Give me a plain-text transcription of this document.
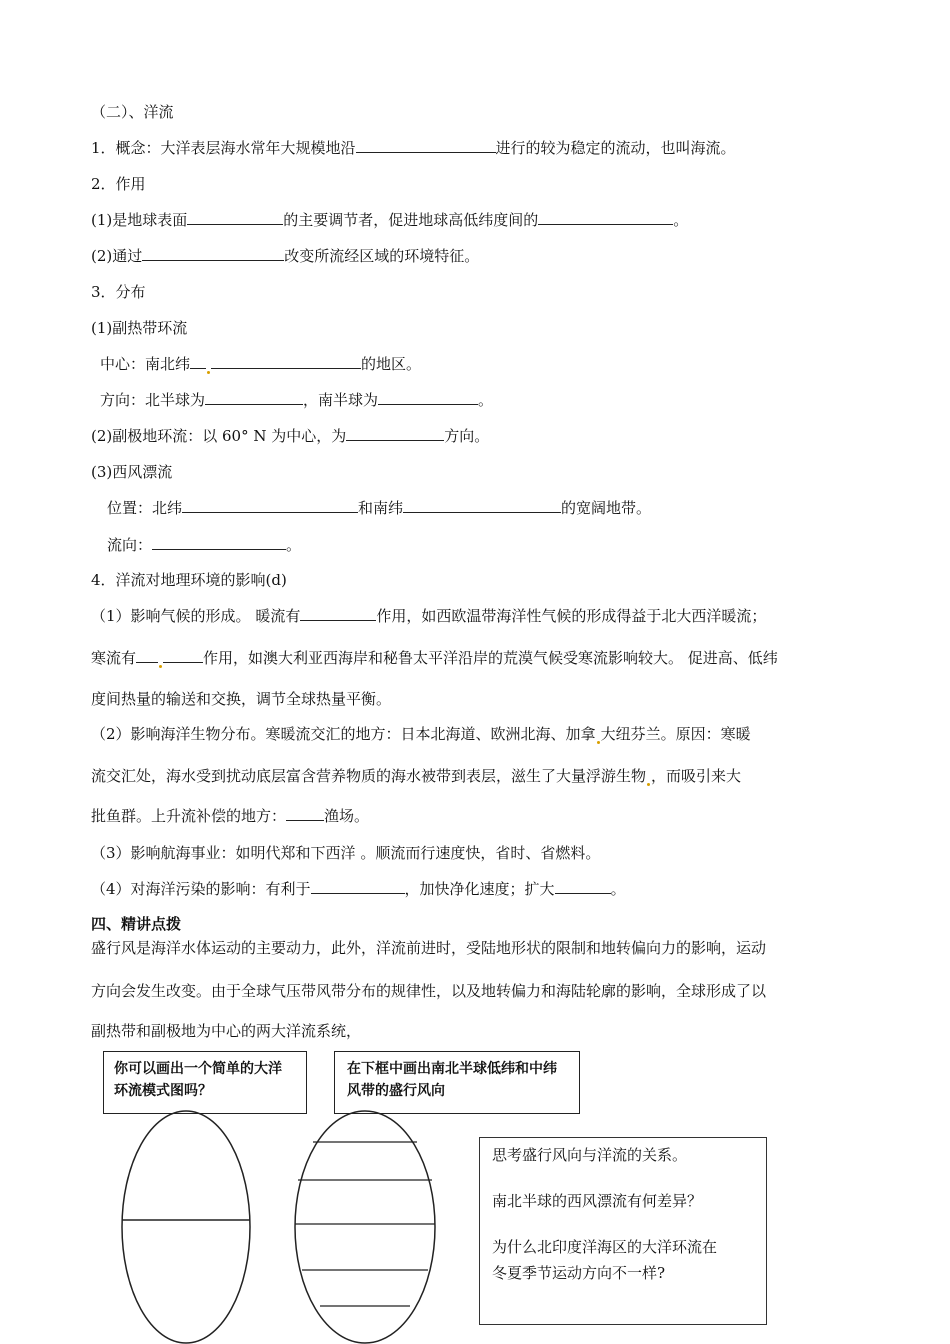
（二）、洋流
1．概念：大洋表层海水常年大规模地沿	进行的较为稳定的流动，也叫海流。
2．作用
(1)是地球表面	的主要调节者，促进地球高低纬度间的	。
(2)通过	改变所流经区域的环境特征。
3．分布
(1)副热带环流
中心：南北纬	的地区。
方向：北半球为	，南半球为	。
(2)副极地环流：以 60° N 为中心，为	方向。
(3)西风漂流
位置：北纬	和南纬	的宽阔地带。
流向：	。
4．洋流对地理环境的影响(d)
（1）影响气候的形成。 暖流有	作用，如西欧温带海洋性气候的形成得益于北大西洋暖流；
寒流有	作用，如澳大利亚西海岸和秘鲁太平洋沿岸的荒漠气候受寒流影响较大。 促进高、低纬
度间热量的输送和交换，调节全球热量平衡。
（2）影响海洋生物分布。寒暖流交汇的地方：日本北海道、欧洲北海、加拿 大纽芬兰。原因：寒暖
流交汇处，海水受到扰动底层富含营养物质的海水被带到表层，滋生了大量浮游生物 ，而吸引来大
批鱼群。上升流补偿的地方：	渔场。
（3）影响航海事业：如明代郑和下西洋 。顺流而行速度快，省时、省燃料。
（4）对海洋污染的影响：有利于	，加快净化速度；扩大	。
四、精讲点拨
盛行风是海洋水体运动的主要动力，此外，洋流前进时，受陆地形状的限制和地转偏向力的影响，运动
方向会发生改变。由于全球气压带风带分布的规律性，以及地转偏力和海陆轮廓的影响，全球形成了以
副热带和副极地为中心的两大洋流系统，
你可以画出一个简单的大洋
环流模式图吗？
在下框中画出南北半球低纬和中纬
风带的盛行风向
思考盛行风向与洋流的关系。
南北半球的西风漂流有何差异？
为什么北印度洋海区的大洋环流在
冬夏季节运动方向不一样?
